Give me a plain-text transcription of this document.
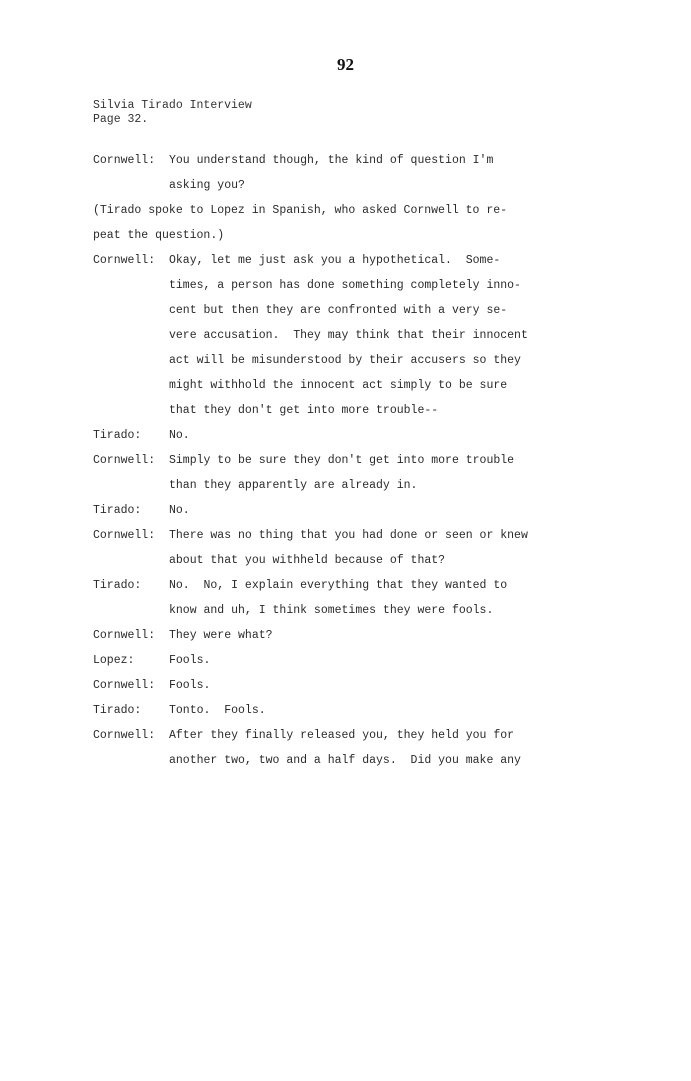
92
Silvia Tirado Interview
Page 32.
Cornwell:	You understand though, the kind of question I'm
asking you?
(Tirado spoke to Lopez in Spanish, who asked Cornwell to re-
peat the question.)
Cornwell:	Okay, let me just ask you a hypothetical.  Some-
times, a person has done something completely inno-
cent but then they are confronted with a very se-
vere accusation.  They may think that their innocent
act will be misunderstood by their accusers so they
might withhold the innocent act simply to be sure
that they don't get into more trouble--
Tirado:	No.
Cornwell:	Simply to be sure they don't get into more trouble
than they apparently are already in.
Tirado:	No.
Cornwell:	There was no thing that you had done or seen or knew
about that you withheld because of that?
Tirado:	No.  No, I explain everything that they wanted to
know and uh, I think sometimes they were fools.
Cornwell:	They were what?
Lopez:	Fools.
Cornwell:	Fools.
Tirado:	Tonto.  Fools.
Cornwell:	After they finally released you, they held you for
another two, two and a half days.  Did you make any
